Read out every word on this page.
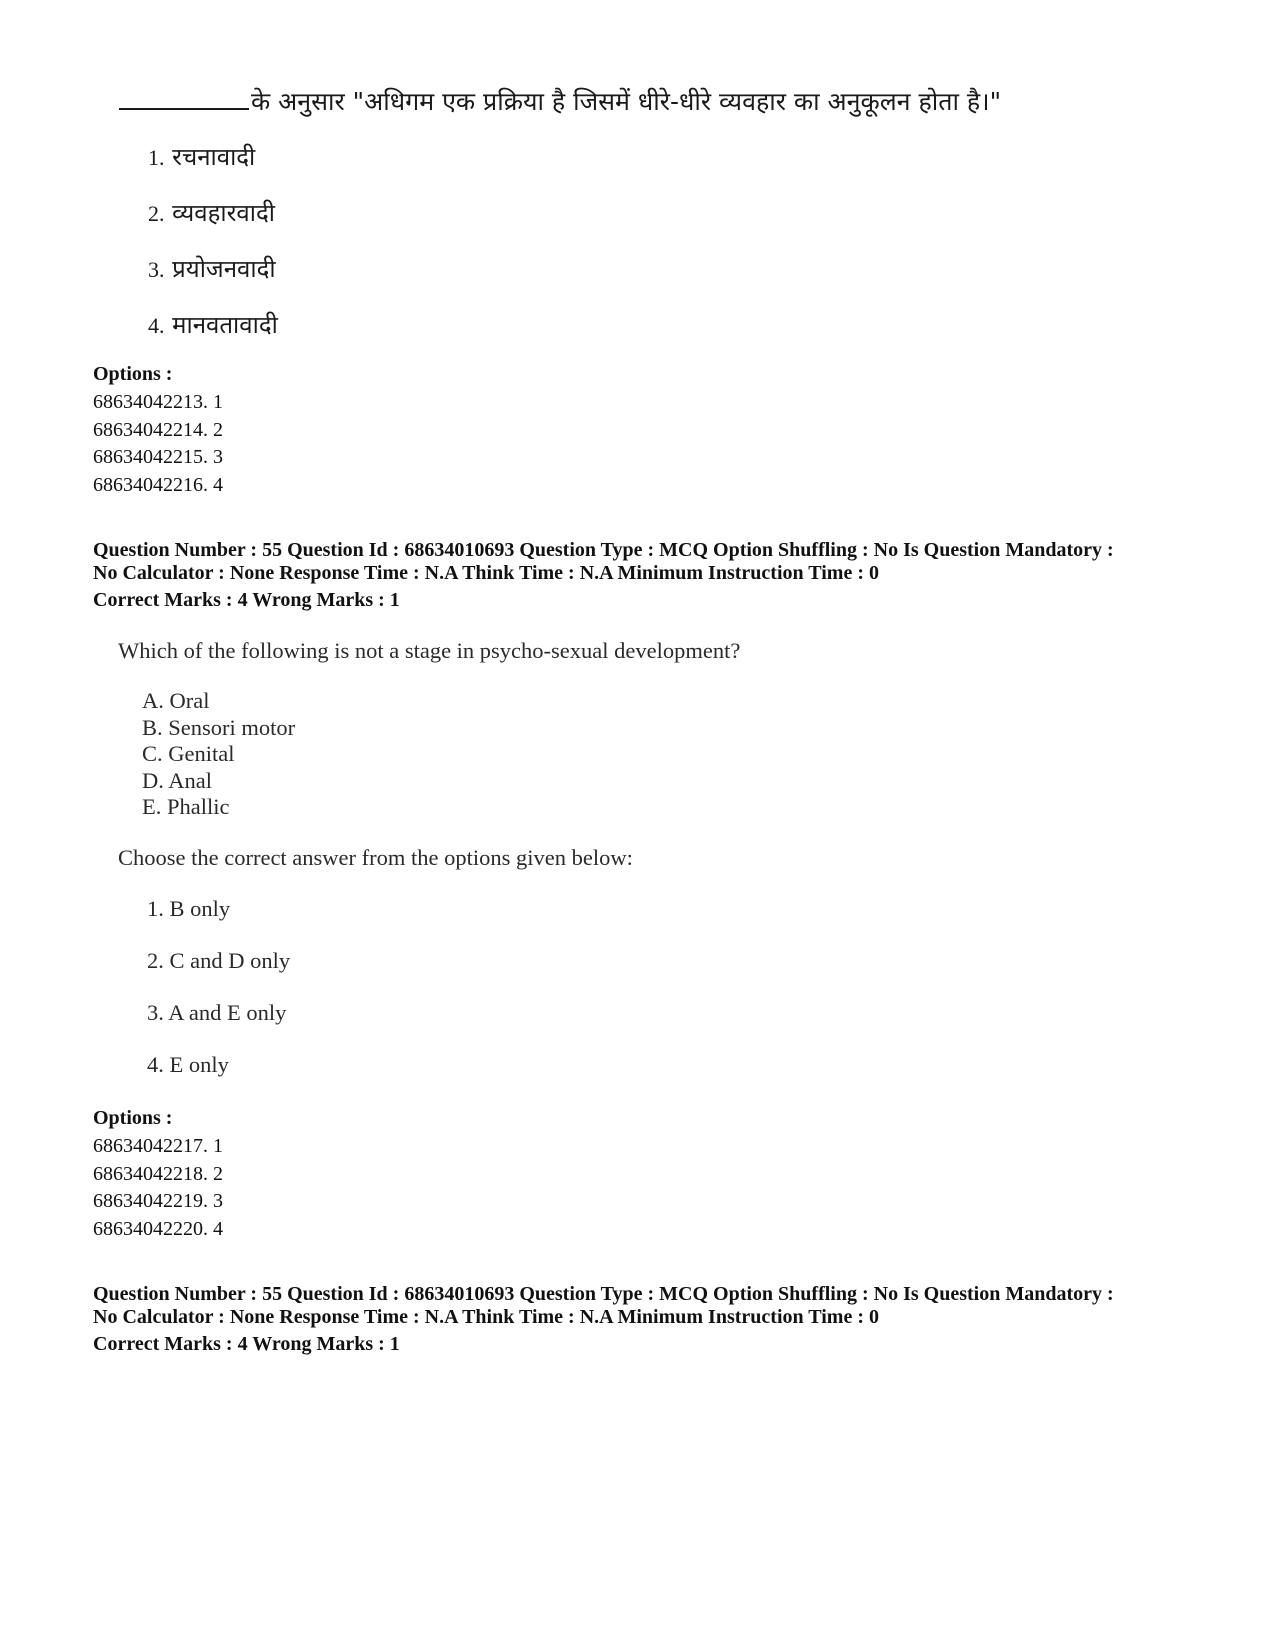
के अनुसार "अधिगम एक प्रक्रिया है जिसमें धीरे-धीरे व्यवहार का अनुकूलन होता है।"
1. रचनावादी
2. व्यवहारवादी
3. प्रयोजनवादी
4. मानवतावादी
Options :
68634042213. 1
68634042214. 2
68634042215. 3
68634042216. 4
Question Number : 55 Question Id : 68634010693 Question Type : MCQ Option Shuffling : No Is Question Mandatory :
No Calculator : None Response Time : N.A Think Time : N.A Minimum Instruction Time : 0
Correct Marks : 4 Wrong Marks : 1
Which of the following is not a stage in psycho-sexual development?
A. Oral
B. Sensori motor
C. Genital
D. Anal
E. Phallic
Choose the correct answer from the options given below:
1. B only
2. C and D only
3. A and E only
4. E only
Options :
68634042217. 1
68634042218. 2
68634042219. 3
68634042220. 4
Question Number : 55 Question Id : 68634010693 Question Type : MCQ Option Shuffling : No Is Question Mandatory :
No Calculator : None Response Time : N.A Think Time : N.A Minimum Instruction Time : 0
Correct Marks : 4 Wrong Marks : 1
